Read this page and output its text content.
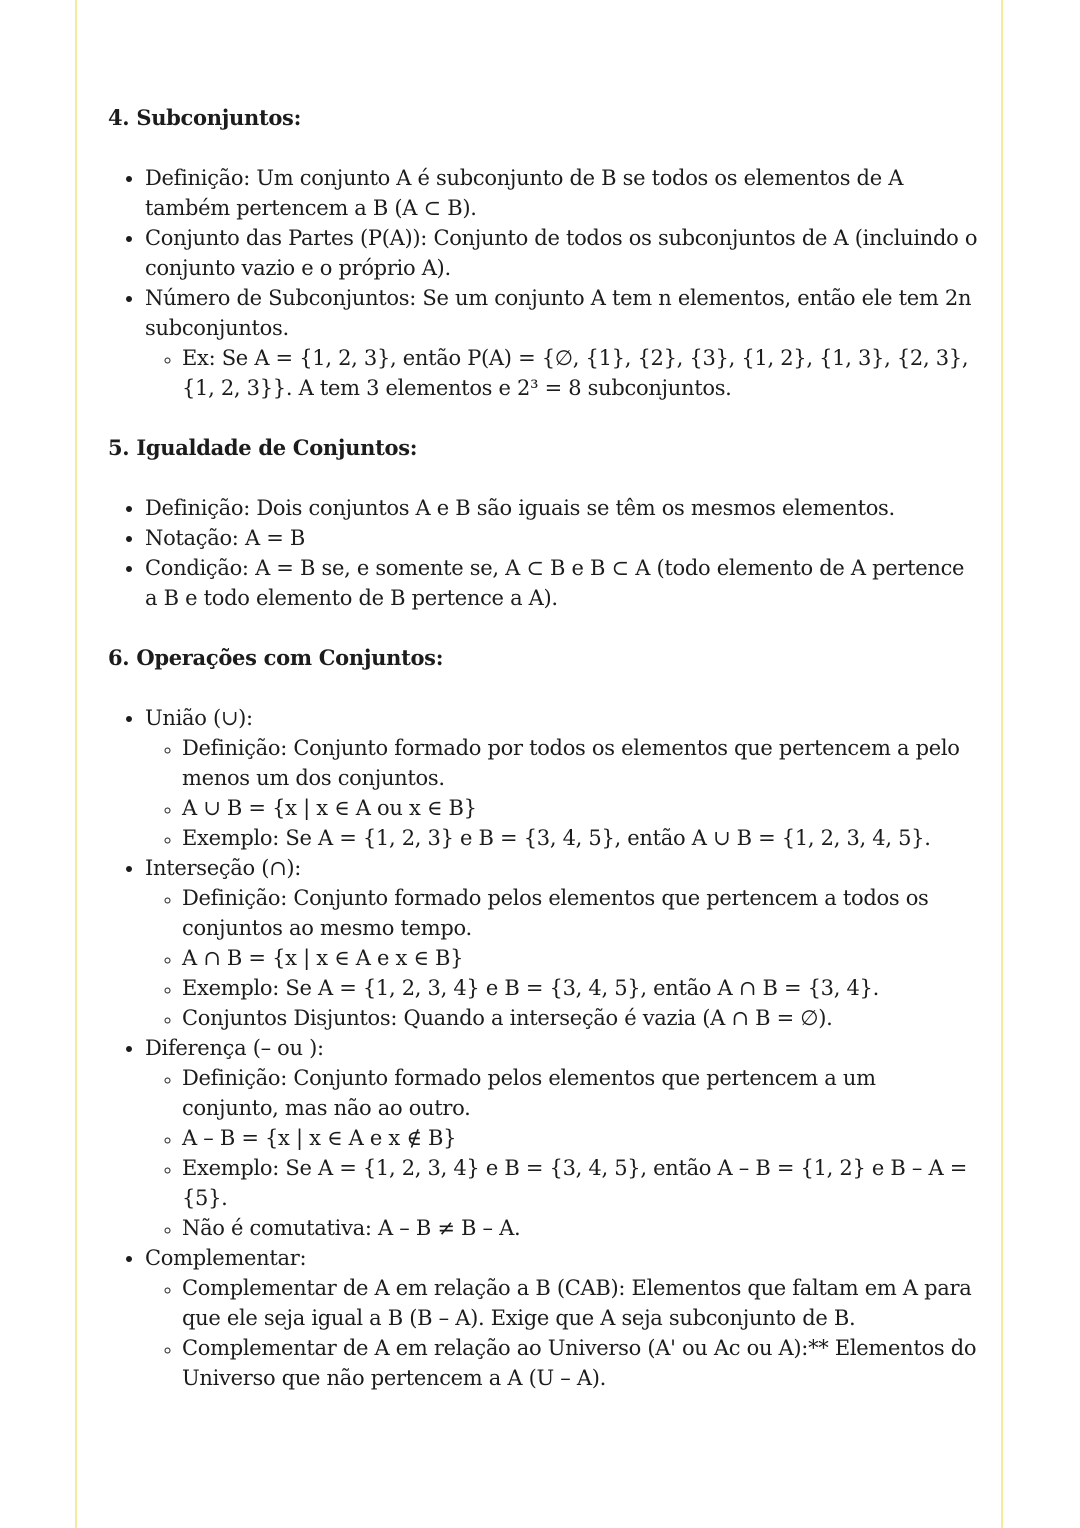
4. Subconjuntos:
• Definição: Um conjunto A é subconjunto de B se todos os elementos de A também pertencem a B (A ⊂ B).
• Conjunto das Partes (P(A)): Conjunto de todos os subconjuntos de A (incluindo o conjunto vazio e o próprio A).
• Número de Subconjuntos: Se um conjunto A tem n elementos, então ele tem 2n subconjuntos.
◦ Ex: Se A = {1, 2, 3}, então P(A) = {∅, {1}, {2}, {3}, {1, 2}, {1, 3}, {2, 3}, {1, 2, 3}}. A tem 3 elementos e 2³ = 8 subconjuntos.
5. Igualdade de Conjuntos:
• Definição: Dois conjuntos A e B são iguais se têm os mesmos elementos.
• Notação: A = B
• Condição: A = B se, e somente se, A ⊂ B e B ⊂ A (todo elemento de A pertence a B e todo elemento de B pertence a A).
6. Operações com Conjuntos:
• União (∪):
◦ Definição: Conjunto formado por todos os elementos que pertencem a pelo menos um dos conjuntos.
◦ A ∪ B = {x | x ∈ A ou x ∈ B}
◦ Exemplo: Se A = {1, 2, 3} e B = {3, 4, 5}, então A ∪ B = {1, 2, 3, 4, 5}.
• Interseção (∩):
◦ Definição: Conjunto formado pelos elementos que pertencem a todos os conjuntos ao mesmo tempo.
◦ A ∩ B = {x | x ∈ A e x ∈ B}
◦ Exemplo: Se A = {1, 2, 3, 4} e B = {3, 4, 5}, então A ∩ B = {3, 4}.
◦ Conjuntos Disjuntos: Quando a interseção é vazia (A ∩ B = ∅).
• Diferença (– ou ):
◦ Definição: Conjunto formado pelos elementos que pertencem a um conjunto, mas não ao outro.
◦ A – B = {x | x ∈ A e x ∉ B}
◦ Exemplo: Se A = {1, 2, 3, 4} e B = {3, 4, 5}, então A – B = {1, 2} e B – A = {5}.
◦ Não é comutativa: A – B ≠ B – A.
• Complementar:
◦ Complementar de A em relação a B (CAB): Elementos que faltam em A para que ele seja igual a B (B – A). Exige que A seja subconjunto de B.
◦ Complementar de A em relação ao Universo (A' ou Ac ou A):** Elementos do Universo que não pertencem a A (U – A).
